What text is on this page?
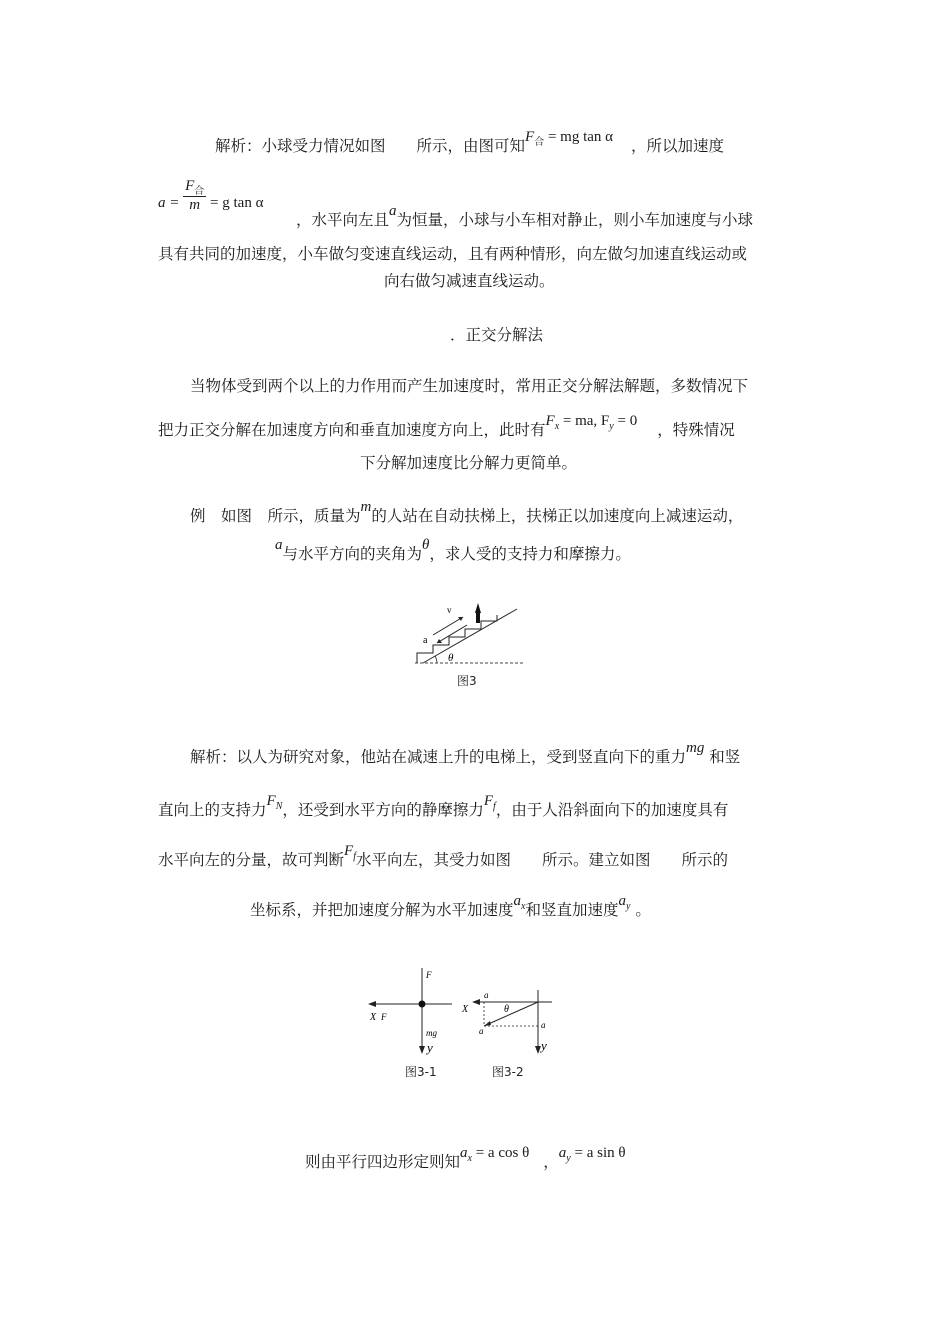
解析：小球受力情况如图　　所示，由图可知$F_合$ = mg tan α ，所以加速度
$a = \frac{F_合}{m} = g$ tan α
，水平向左且a为恒量，小球与小车相对静止，则小车加速度与小球
具有共同的加速度，小车做匀变速直线运动，且有两种情形，向左做匀加速直线运动或
向右做匀减速直线运动。
．正交分解法
当物体受到两个以上的力作用而产生加速度时，常用正交分解法解题，多数情况下
把力正交分解在加速度方向和垂直加速度方向上，此时有$F_x$ = ma, $F_y = 0$ ，特殊情况
下分解加速度比分解力更简单。
例　如图　所示，质量为m的人站在自动扶梯上，扶梯正以加速度向上减速运动，
a与水平方向的夹角为θ，求人受的支持力和摩擦力。
v
a
θ
图3
解析：以人为研究对象，他站在减速上升的电梯上，受到竖直向下的重力mg 和竖
直向上的支持力$F_N$，还受到水平方向的静摩擦力$F_f$，由于人沿斜面向下的加速度具有
水平向左的分量，故可判断$F_f$水平向左，其受力如图　　所示。建立如图　　所示的
坐标系，并把加速度分解为水平加速度$a_x$和竖直加速度$a_y$ 。
F
X F
mg
y
图3-1
a
X	θ
a
a
y
图3-2
则由平行四边形定则知$a_x = a$ cos θ ，$a_y = a$ sin θ
